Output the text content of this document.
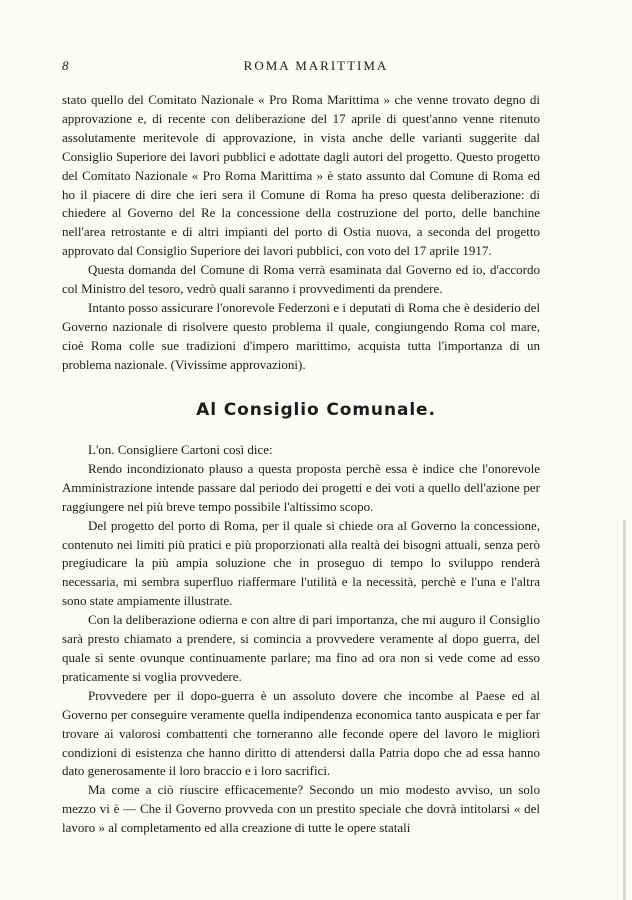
8	ROMA MARITTIMA

stato quello del Comitato Nazionale « Pro Roma Marittima » che venne trovato degno di approvazione e, di recente con deliberazione del 17 aprile di quest'anno venne ritenuto assolutamente meritevole di approvazione, in vista anche delle varianti suggerite dal Consiglio Superiore dei lavori pubblici e adottate dagli autori del progetto. Questo progetto del Comitato Nazionale « Pro Roma Marittima » è stato assunto dal Comune di Roma ed ho il piacere di dire che ieri sera il Comune di Roma ha preso questa deliberazione: di chiedere al Governo del Re la concessione della costruzione del porto, delle banchine nell'area retrostante e di altri impianti del porto di Ostia nuova, a seconda del progetto approvato dal Consiglio Superiore dei lavori pubblici, con voto del 17 aprile 1917.

Questa domanda del Comune di Roma verrà esaminata dal Governo ed io, d'accordo col Ministro del tesoro, vedrò quali saranno i provvedimenti da prendere.

Intanto posso assicurare l'onorevole Federzoni e i deputati di Roma che è desiderio del Governo nazionale di risolvere questo problema il quale, congiungendo Roma col mare, cioè Roma colle sue tradizioni d'impero marittimo, acquista tutta l'importanza di un problema nazionale. (Vivissime approvazioni).

Al Consiglio Comunale.

L'on. Consigliere Cartoni così dice:

Rendo incondizionato plauso a questa proposta perchè essa è indice che l'onorevole Amministrazione intende passare dal periodo dei progetti e dei voti a quello dell'azione per raggiungere nel più breve tempo possibile l'altissimo scopo.

Del progetto del porto di Roma, per il quale si chiede ora al Governo la concessione, contenuto nei limiti più pratici e più proporzionati alla realtà dei bisogni attuali, senza però pregiudicare la più ampia soluzione che in proseguo di tempo lo sviluppo renderà necessaria, mi sembra superfluo riaffermare l'utilità e la necessità, perchè e l'una e l'altra sono state ampiamente illustrate.

Con la deliberazione odierna e con altre di pari importanza, che mi auguro il Consiglio sarà presto chiamato a prendere, si comincia a provvedere veramente al dopo guerra, del quale si sente ovunque continuamente parlare; ma fino ad ora non si vede come ad esso praticamente si voglia provvedere.

Provvedere per il dopo-guerra è un assoluto dovere che incombe al Paese ed al Governo per conseguire veramente quella indipendenza economica tanto auspicata e per far trovare ai valorosi combattenti che torneranno alle feconde opere del lavoro le migliori condizioni di esistenza che hanno diritto di attendersi dalla Patria dopo che ad essa hanno dato generosamente il loro braccio e i loro sacrifici.

Ma come a ciò riuscire efficacemente? Secondo un mio modesto avviso, un solo mezzo vi è — Che il Governo provveda con un prestito speciale che dovrà intitolarsi « del lavoro » al completamento ed alla creazione di tutte le opere statali
